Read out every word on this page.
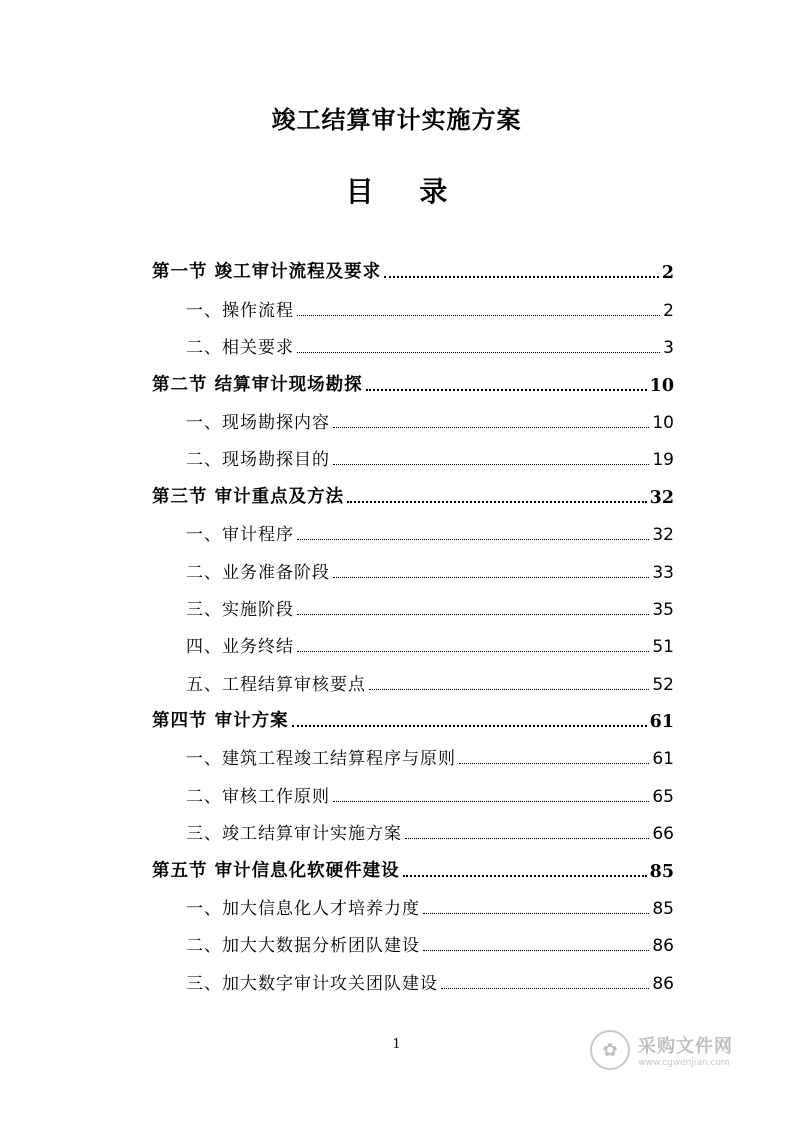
竣工结算审计实施方案
目 录
第一节 竣工审计流程及要求	2
一、操作流程	2
二、相关要求	3
第二节 结算审计现场勘探	10
一、现场勘探内容	10
二、现场勘探目的	19
第三节 审计重点及方法	32
一、审计程序	32
二、业务准备阶段	33
三、实施阶段	35
四、业务终结	51
五、工程结算审核要点	52
第四节 审计方案	61
一、建筑工程竣工结算程序与原则	61
二、审核工作原则	65
三、竣工结算审计实施方案	66
第五节 审计信息化软硬件建设	85
一、加大信息化人才培养力度	85
二、加大大数据分析团队建设	86
三、加大数字审计攻关团队建设	86
1	✿	采购文件网
www.cgwenjian.com
